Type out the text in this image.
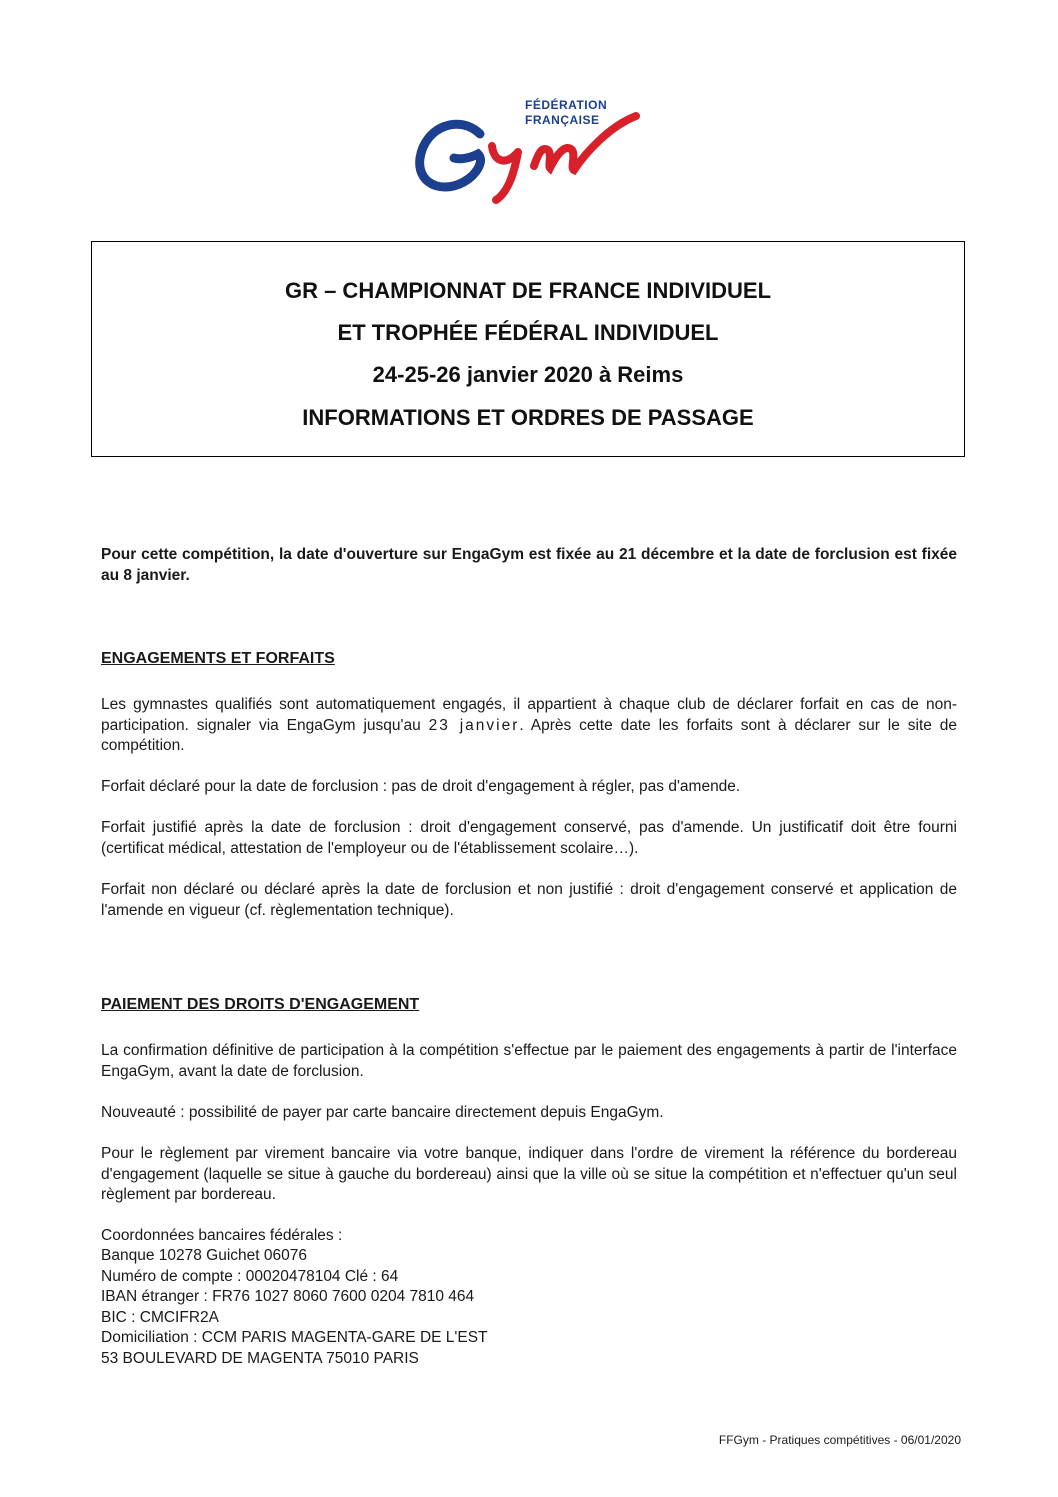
FÉDÉRATION
FRANÇAISE
GR – CHAMPIONNAT DE FRANCE INDIVIDUEL
ET TROPHÉE FÉDÉRAL INDIVIDUEL
24-25-26 janvier 2020 à Reims
INFORMATIONS ET ORDRES DE PASSAGE
Pour cette compétition, la date d'ouverture sur EngaGym est fixée au 21 décembre et la date de forclusion est fixée au 8 janvier.
ENGAGEMENTS ET FORFAITS
Les gymnastes qualifiés sont automatiquement engagés, il appartient à chaque club de déclarer forfait en cas de non-participation. signaler via EngaGym jusqu'au 23 janvier. Après cette date les forfaits sont à déclarer sur le site de compétition.
Forfait déclaré pour la date de forclusion : pas de droit d'engagement à régler, pas d'amende.
Forfait justifié après la date de forclusion : droit d'engagement conservé, pas d'amende. Un justificatif doit être fourni (certificat médical, attestation de l'employeur ou de l'établissement scolaire…).
Forfait non déclaré ou déclaré après la date de forclusion et non justifié : droit d'engagement conservé et application de l'amende en vigueur (cf. règlementation technique).
PAIEMENT DES DROITS D'ENGAGEMENT
La confirmation définitive de participation à la compétition s'effectue par le paiement des engagements à partir de l'interface EngaGym, avant la date de forclusion.
Nouveauté : possibilité de payer par carte bancaire directement depuis EngaGym.
Pour le règlement par virement bancaire via votre banque, indiquer dans l'ordre de virement la référence du bordereau d'engagement (laquelle se situe à gauche du bordereau) ainsi que la ville où se situe la compétition et n'effectuer qu'un seul règlement par bordereau.
Coordonnées bancaires fédérales :
Banque 10278 Guichet 06076
Numéro de compte : 00020478104 Clé : 64
IBAN étranger : FR76 1027 8060 7600 0204 7810 464
BIC : CMCIFR2A
Domiciliation : CCM PARIS MAGENTA-GARE DE L'EST
53 BOULEVARD DE MAGENTA 75010 PARIS
FFGym - Pratiques compétitives - 06/01/2020
